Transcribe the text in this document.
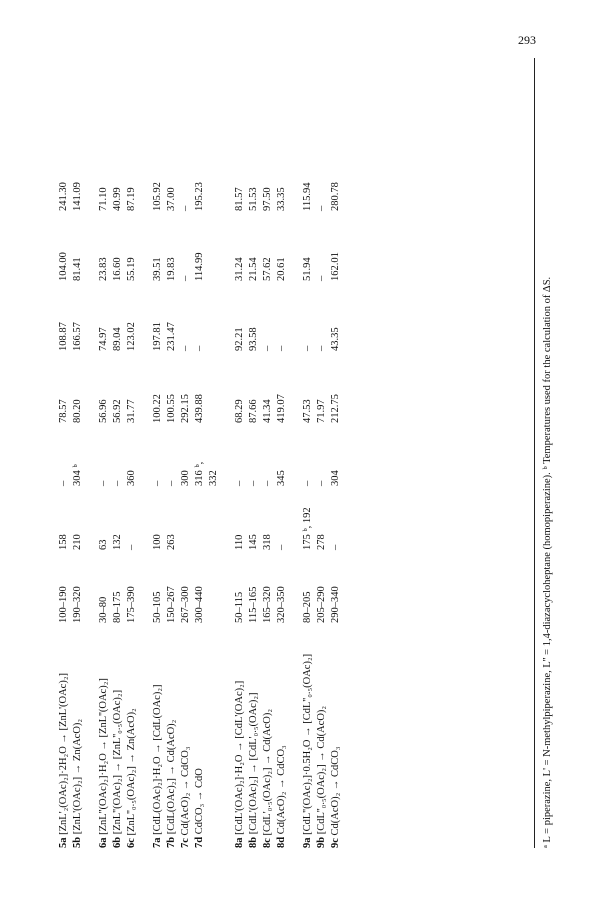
293
5a [ZnL'₂(OAc)₂]·2H₂O → [ZnL'(OAc)₂]
100–190
158
–
78.57
108.87
104.00
241.30
5b [ZnL'(OAc)₂] → Zn(AcO)₂
190–320
210
304 ᵇ
80.20
166.57
81.41
141.09
6a [ZnL''(OAc)₂]·H₂O → [ZnL''(OAc)₂]
30–80
63
–
56.96
74.97
23.83
71.10
6b [ZnL''(OAc)₂] → [ZnL''₀.₅(OAc)₂]
80–175
132
–
56.92
89.04
16.60
40.99
6c [ZnL''₀.₅(OAc)₂] → Zn(AcO)₂
175–390
–
360
31.77
123.02
55.19
87.19
7a [CdL(OAc)₂]·H₂O → [CdL(OAc)₂]
50–105
100
–
100.22
197.81
39.51
105.92
7b [CdL(OAc)₂] → Cd(AcO)₂
150–267
263
–
100.55
231.47
19.83
37.00
7c Cd(AcO)₂ → CdCO₃
267–300
300
292.15
–
–
–
7d CdCO₃ → CdO
300–440
316 ᵇ,
439.88
–
114.99
195.23
332
8a [CdL'(OAc)₂]·H₂O → [CdL'(OAc)₂]
50–115
110
–
68.29
92.21
31.24
81.57
8b [CdL'(OAc)₂] → [CdL'₀.₅(OAc)₂]
115–165
145
–
87.66
93.58
21.54
51.53
8c [CdL'₀.₅(OAc)₂] → Cd(AcO)₂
165–320
318
–
41.34
–
57.62
97.50
8d Cd(AcO)₂ → CdCO₃
320–350
–
345
419.07
–
20.61
33.35
9a [CdL''(OAc)₂]·0.5H₂O → [CdL''₀.₅(OAc)₂]
80–205
175 ᵇ, 192
–
47.53
–
51.94
115.94
9b [CdL''₀.₅(OAc)₂] → Cd(AcO)₂
205–290
278
–
71.97
–
–
–
9c Cd(AcO)₂ → CdCO₃
290–340
–
304
212.75
43.35
162.01
280.78
ᵃ L = piperazine, L' = N-methylpiperazine, L'' = 1,4-diazacycloheptane (homopiperazine). ᵇ Temperatures used for the calculation of ΔS.
